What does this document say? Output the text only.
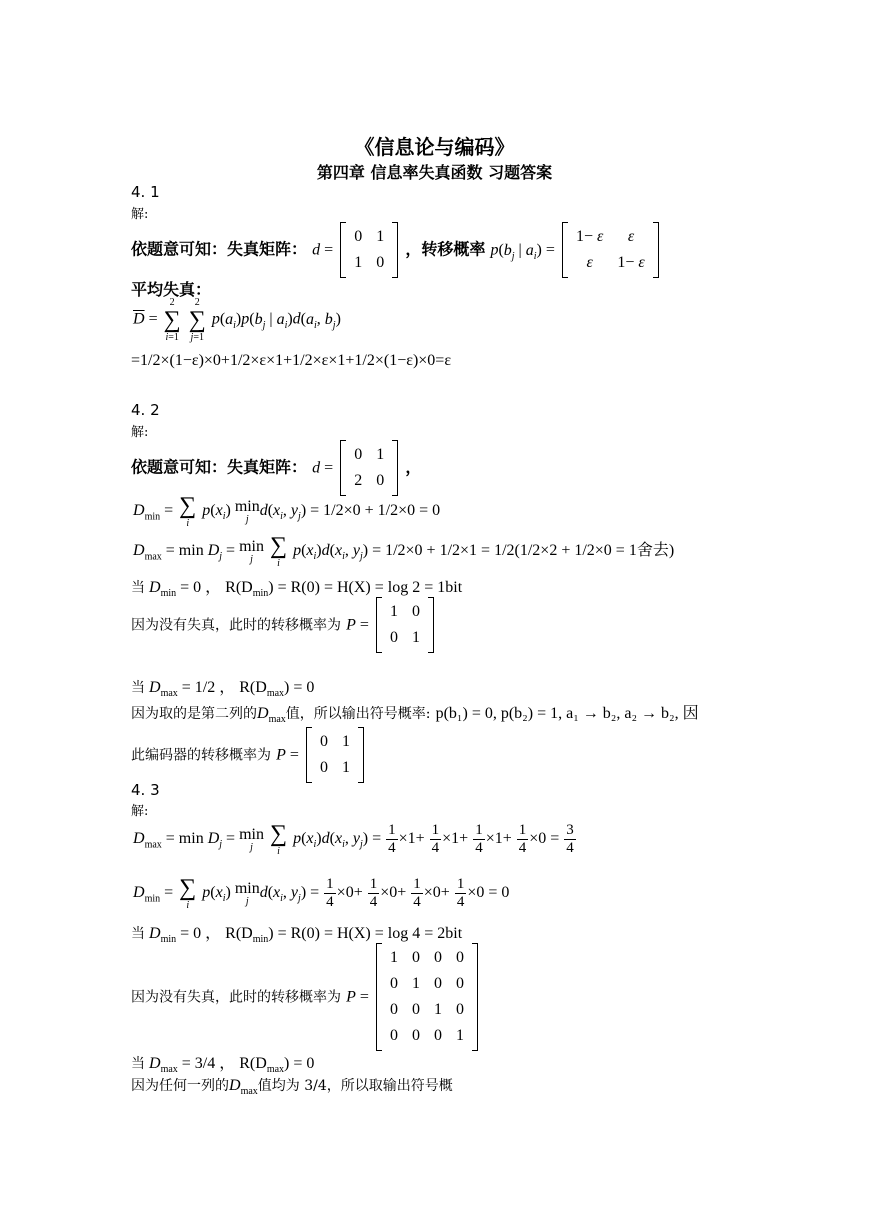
《信息论与编码》
第四章 信息率失真函数 习题答案
4. 1
解:
依题意可知：失真矩阵： d =
0	1
1	0
，转移概率 $p(b_j$ | $a_i$) =
1− ε	ε
ε	1− ε
平均失真：
$\overline{D}$ =
2
∑
i=1

2
∑
j=1
$p(a_i)p(b_j$ | $a_i)d(a_i$, $b_j$)
=1/2×(1−ε)×0+1/2×ε×1+1/2×ε×1+1/2×(1−ε)×0=ε
4. 2
解:
依题意可知：失真矩阵： d =
0	1
2	0
，
$D_{min}$ = ∑
i
$p(x_i)$ min
j
$d(x_i$, $y_j) = 1/2\times 0 + 1/2\times 0 = 0$
$D_{max} = \min D_j = \min$
j

∑
i
$p(x_i)d(x_i$, $y_j) = 1/2\times 0 + 1/2\times 1 = 1/2(1/2\times 2 + 1/2\times 0 = 1$舍去)
当 $D_{min} = 0$ ， $R(D_{min}) = R(0) = H(X) = \log 2 = 1bit$
因为没有失真，此时的转移概率为 P =
1	0
0	1
当 $D_{max} = 1/2$ ， $R(D_{max}) = 0$
因为取的是第二列的$D_{max}$值，所以输出符号概率: p(b₁) = 0, p(b₂) = 1, a₁ → b₂, a₂ → b₂, 因
此编码器的转移概率为 P =
0	1
0	1
4. 3
解:
$D_{max} = \min D_j = \min$
j

∑
i
$p(x_i)d(x_i$, $y_j) = \frac{1}{4} \times 1+ \frac{1}{4} \times 1+ \frac{1}{4} \times 1+ \frac{1}{4} \times 0 = \frac{3}{4}$
$D_{min}$ = ∑
i
$p(x_i)$ min
j
$d(x_i$, $y_j) = \frac{1}{4} \times 0+ \frac{1}{4} \times 0+ \frac{1}{4} \times 0+ \frac{1}{4} \times 0 = 0$
当 $D_{min} = 0$ ， $R(D_{min}) = R(0) = H(X) = \log 4 = 2bit$
因为没有失真，此时的转移概率为 P =
1	0	0	0
0	1	0	0
0	0	1	0
0	0	0	1
当 $D_{max} = 3/4$ ， $R(D_{max}) = 0$
因为任何一列的$D_{max}$值均为 3/4，所以取输出符号概
